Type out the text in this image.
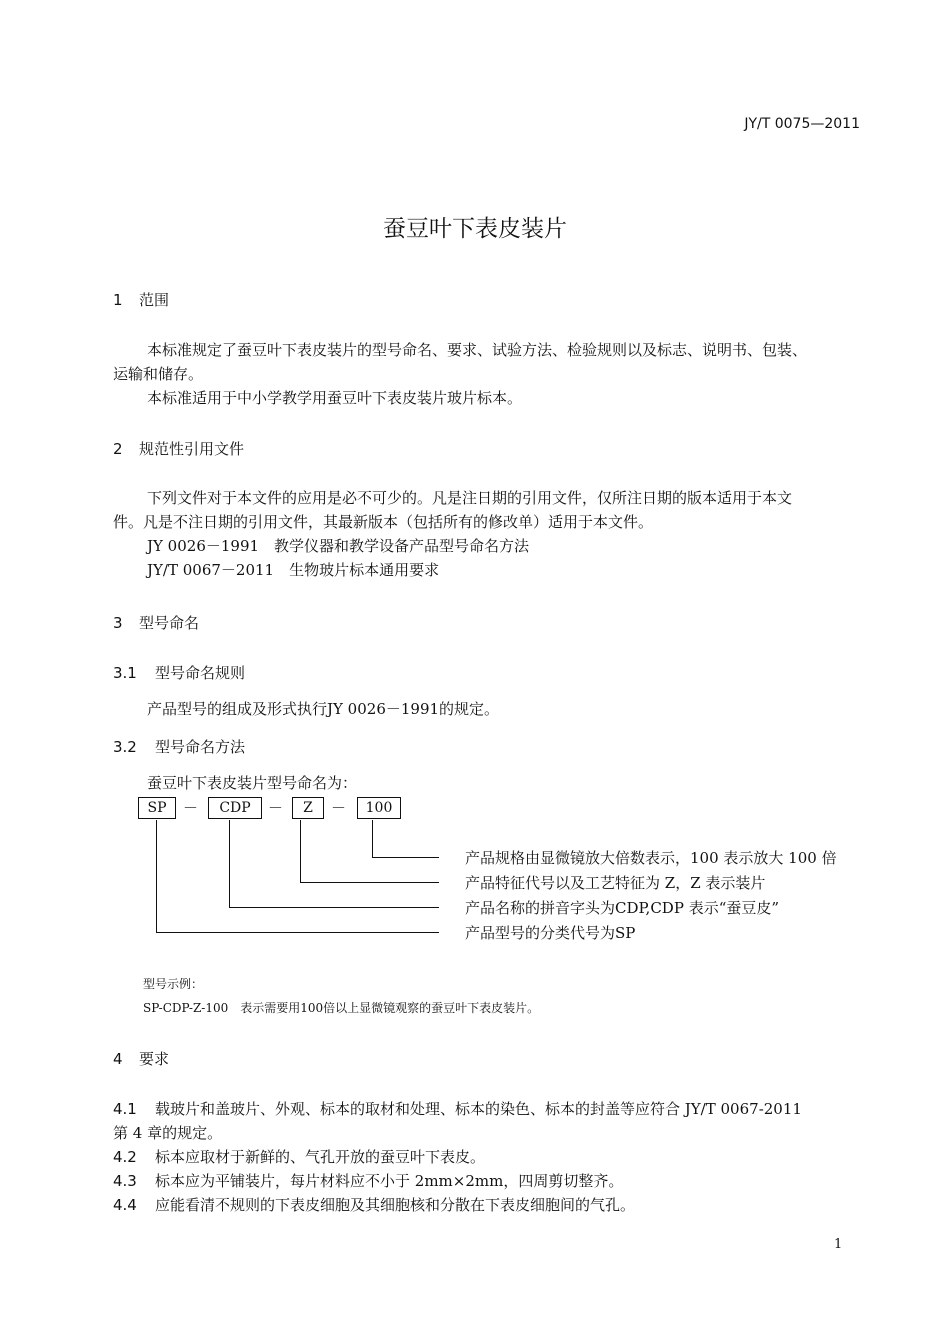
JY/T 0075—2011
蚕豆叶下表皮装片
1 范围
本标准规定了蚕豆叶下表皮装片的型号命名、要求、试验方法、检验规则以及标志、说明书、包装、
运输和储存。
本标准适用于中小学教学用蚕豆叶下表皮装片玻片标本。
2 规范性引用文件
下列文件对于本文件的应用是必不可少的。凡是注日期的引用文件，仅所注日期的版本适用于本文
件。凡是不注日期的引用文件，其最新版本（包括所有的修改单）适用于本文件。
JY 0026－1991　教学仪器和教学设备产品型号命名方法
JY/T 0067－2011　生物玻片标本通用要求
3 型号命名
3.1 型号命名规则
产品型号的组成及形式执行JY 0026－1991的规定。
3.2 型号命名方法
蚕豆叶下表皮装片型号命名为：
SP	－	CDP	－	Z	－	100
产品规格由显微镜放大倍数表示，100 表示放大 100 倍
产品特征代号以及工艺特征为 Z，Z 表示装片
产品名称的拼音字头为CDP,CDP 表示“蚕豆皮”
产品型号的分类代号为SP
型号示例：
SP-CDP-Z-100　表示需要用100倍以上显微镜观察的蚕豆叶下表皮装片。
4 要求
4.1 载玻片和盖玻片、外观、标本的取材和处理、标本的染色、标本的封盖等应符合 JY/T 0067-2011
第 4 章的规定。
4.2 标本应取材于新鲜的、气孔开放的蚕豆叶下表皮。
4.3 标本应为平铺装片，每片材料应不小于 2mm×2mm，四周剪切整齐。
4.4 应能看清不规则的下表皮细胞及其细胞核和分散在下表皮细胞间的气孔。
1
